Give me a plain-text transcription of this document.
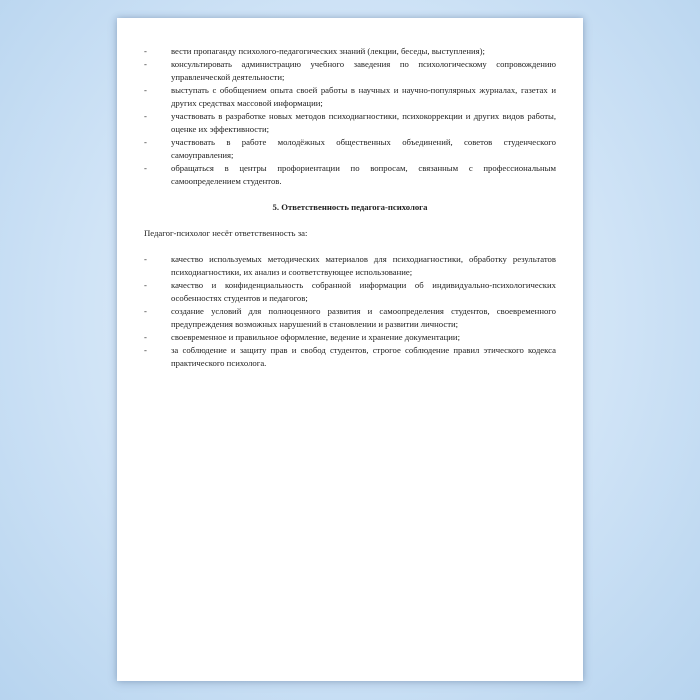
-	вести пропаганду психолого-педагогических знаний (лекции, беседы, выступления);
-	консультировать администрацию учебного заведения по психологическому сопровождению управленческой деятельности;
-	выступать с обобщением опыта своей работы в научных и научно-популярных журналах, газетах и других средствах массовой информации;
-	участвовать в разработке новых методов психодиагностики, психокоррекции и других видов работы, оценке их эффективности;
-	участвовать в работе молодёжных общественных объединений, советов студенческого самоуправления;
-	обращаться в центры профориентации по вопросам, связанным с профессиональным самоопределением студентов.
5. Ответственность педагога-психолога
Педагог-психолог несёт ответственность за:
-	качество используемых методических материалов для психодиагностики, обработку результатов психодиагностики, их анализ и соответствующее использование;
-	качество и конфиденциальность собранной информации об индивидуально-психологических особенностях студентов и педагогов;
-	создание условий для полноценного развития и самоопределения студентов, своевременного предупреждения возможных нарушений в становлении и развитии личности;
-	своевременное и правильное оформление, ведение и хранение документации;
-	за соблюдение и защиту прав и свобод студентов, строгое соблюдение правил этического кодекса практического психолога.
